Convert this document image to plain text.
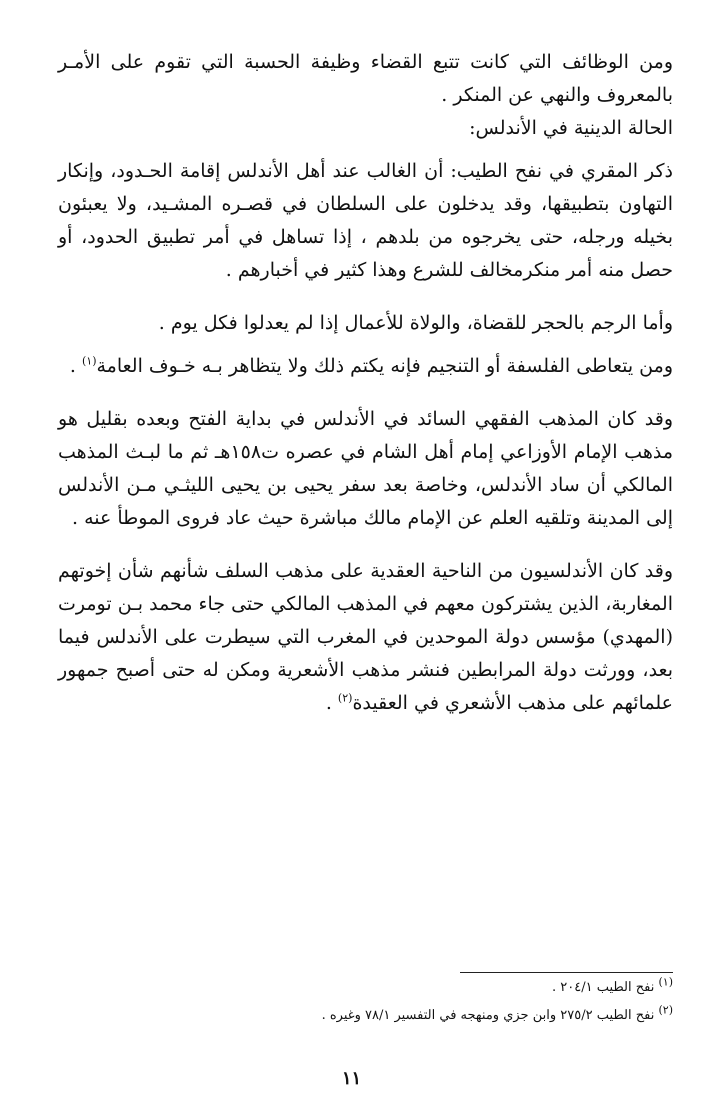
ومن الوظائف التي كانت تتبع القضاء وظيفة الحسبة التي تقوم على الأمـر بالمعروف والنهي عن المنكر .

الحالة الدينية في الأندلس:

ذكر المقري في نفح الطيب: أن الغالب عند أهل الأندلس إقامة الحـدود، وإنكار التهاون بتطبيقها، وقد يدخلون على السلطان في قصـره المشـيد، ولا يعبئون بخيله ورجله، حتى يخرجوه من بلدهم ، إذا تساهل في أمر تطبيق الحدود، أو حصل منه أمر منكرمخالف للشرع وهذا كثير في أخبارهم .

وأما الرجم بالحجر للقضاة، والولاة للأعمال إذا لم يعدلوا فكل يوم .

ومن يتعاطى الفلسفة أو التنجيم فإنه يكتم ذلك ولا يتظاهر بـه خـوف العامة$^{(١)}$ .

وقد كان المذهب الفقهي السائد في الأندلس في بداية الفتح وبعده بقليل هو مذهب الإمام الأوزاعي إمام أهل الشام في عصره ت١٥٨هـ ثم ما لبـث المذهب المالكي أن ساد الأندلس، وخاصة بعد سفر يحيى بن يحيى الليثـي مـن الأندلس إلى المدينة وتلقيه العلم عن الإمام مالك مباشرة حيث عاد فروى الموطأ عنه .

وقد كان الأندلسيون من الناحية العقدية على مذهب السلف شأنهم شأن إخوتهم المغاربة، الذين يشتركون معهم في المذهب المالكي حتى جاء محمد بـن تومرت (المهدي) مؤسس دولة الموحدين في المغرب التي سيطرت على الأندلس فيما بعد، وورثت دولة المرابطين فنشر مذهب الأشعرية ومكن له حتى أصبح جمهور علمائهم على مذهب الأشعري في العقيدة$^{(٢)}$ .

$^{(١)}$ نفح الطيب ٢٠٤/١ .

$^{(٢)}$ نفح الطيب ٢٧٥/٢ وابن جزي ومنهجه في التفسير ٧٨/١ وغيره .

١١
